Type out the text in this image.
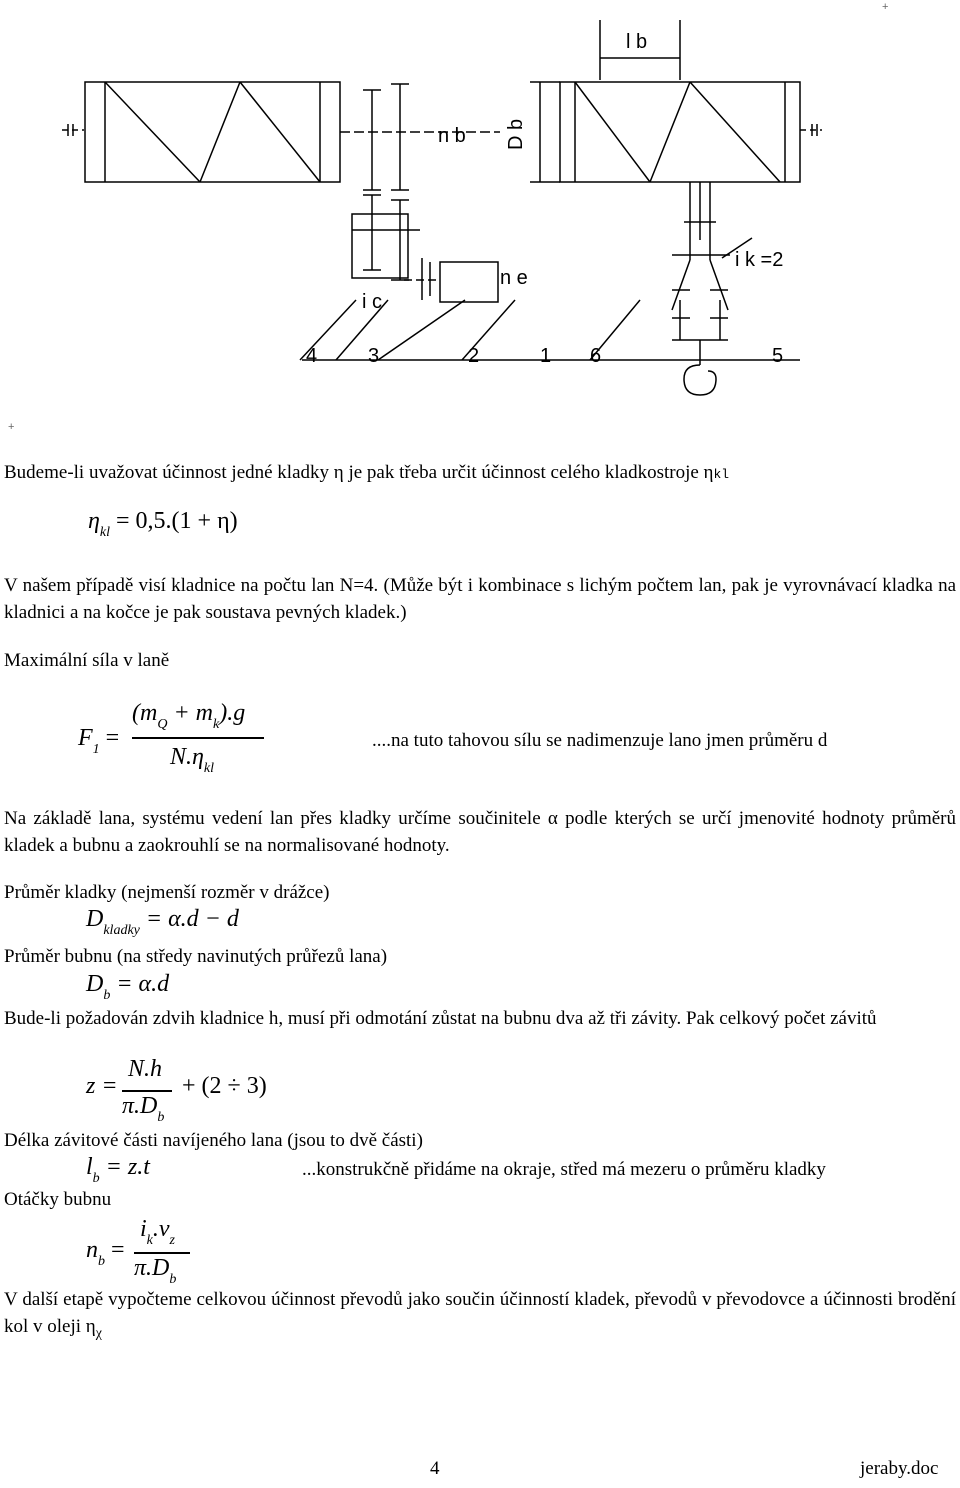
l b
n b D b
n e
i k =2
i c
4	3	2	1 6	5
+
+
Budeme-li uvažovat účinnost jedné kladky η je pak třeba určit účinnost celého kladkostroje ηkl
$\eta_{kl} = 0,5.(1 + \eta)$
V našem případě visí kladnice na počtu lan N=4. (Může být i kombinace s lichým počtem lan, pak je vyrovnávací kladka na kladnici a na kočce je pak soustava pevných kladek.)
Maximální síla v laně
$F_1$ =
$(m_Q + m_k).g$
$N.\eta_{kl}$
....na tuto tahovou sílu se nadimenzuje lano jmen průměru d
Na základě lana, systému vedení lan přes kladky určíme součinitele α podle kterých se určí jmenovité hodnoty průměrů kladek a bubnu a zaokrouhlí se na normalisované hodnoty.
Průměr kladky (nejmenší rozměr v drážce)
$D_{kladky} = \alpha.d - d$
Průměr bubnu (na středy navinutých průřezů lana)
$D_b = \alpha.d$
Bude-li požadován zdvih kladnice h, musí při odmotání zůstat na bubnu dva až tři závity. Pak celkový počet závitů
z =
N.h
$\pi.D_b$
+ (2 ÷ 3)
Délka závitové části navíjeného lana (jsou to dvě části)
$l_b = z.t$	...konstrukčně přidáme na okraje, střed má mezeru o průměru kladky
Otáčky bubnu
$n_b$ =
$i_k.v_z$
$\pi.D_b$
V další etapě vypočteme celkovou účinnost převodů jako součin účinností kladek, převodů v převodovce a účinnosti brodění kol v oleji $\eta_\chi$
4	jeraby.doc
